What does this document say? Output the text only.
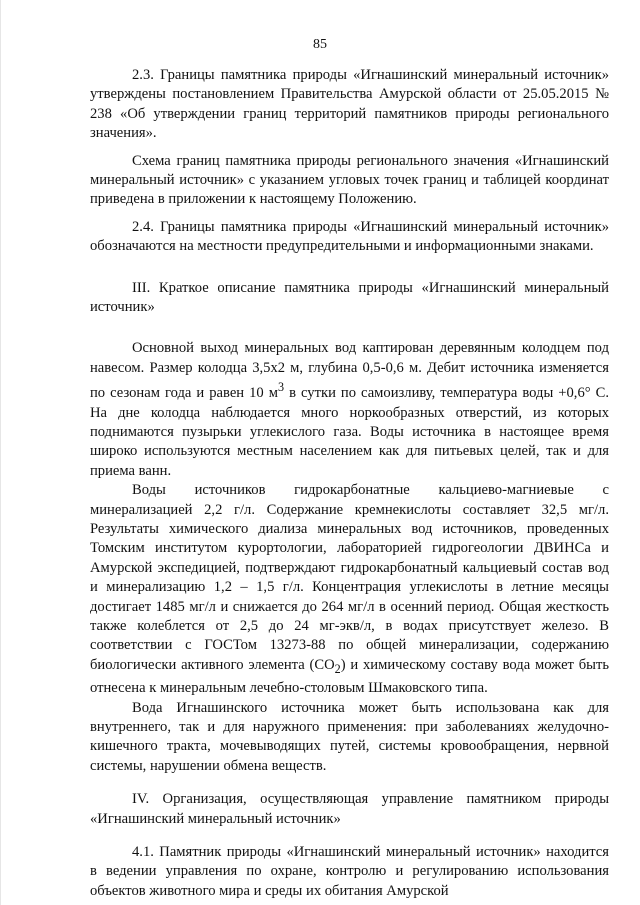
85

2.3. Границы памятника природы «Игнашинский минеральный источник» утверждены постановлением Правительства Амурской области от 25.05.2015 № 238 «Об утверждении границ территорий памятников природы регионального значения».

Схема границ памятника природы регионального значения «Игнашинский минеральный источник» с указанием угловых точек границ и таблицей координат приведена в приложении к настоящему Положению.

2.4. Границы памятника природы «Игнашинский минеральный источник» обозначаются на местности предупредительными и информационными знаками.

III. Краткое описание памятника природы «Игнашинский минеральный источник»

Основной выход минеральных вод каптирован деревянным колодцем под навесом. Размер колодца 3,5х2 м, глубина 0,5-0,6 м. Дебит источника изменяется по сезонам года и равен 10 $м^3$ в сутки по самоизливу, температура воды +0,6° С. На дне колодца наблюдается много норкообразных отверстий, из которых поднимаются пузырьки углекислого газа. Воды источника в настоящее время широко используются местным населением как для питьевых целей, так и для приема ванн.

Воды источников гидрокарбонатные кальциево-магниевые с минерализацией 2,2 г/л. Содержание кремнекислоты составляет 32,5 мг/л. Результаты химического диализа минеральных вод источников, проведенных Томским институтом курортологии, лабораторией гидрогеологии ДВИНСа и Амурской экспедицией, подтверждают гидрокарбонатный кальциевый состав вод и минерализацию 1,2 – 1,5 г/л. Концентрация углекислоты в летние месяцы достигает 1485 мг/л и снижается до 264 мг/л в осенний период. Общая жесткость также колеблется от 2,5 до 24 мг-экв/л, в водах присутствует железо. В соответствии с ГОСТом 13273-88 по общей минерализации, содержанию биологически активного элемента $(CO_2)$ и химическому составу вода может быть отнесена к минеральным лечебно-столовым Шмаковского типа.

Вода Игнашинского источника может быть использована как для внутреннего, так и для наружного применения: при заболеваниях желудочно-кишечного тракта, мочевыводящих путей, системы кровообращения, нервной системы, нарушении обмена веществ.

IV. Организация, осуществляющая управление памятником природы «Игнашинский минеральный источник»

4.1. Памятник природы «Игнашинский минеральный источник» находится в ведении управления по охране, контролю и регулированию использования объектов животного мира и среды их обитания Амурской
